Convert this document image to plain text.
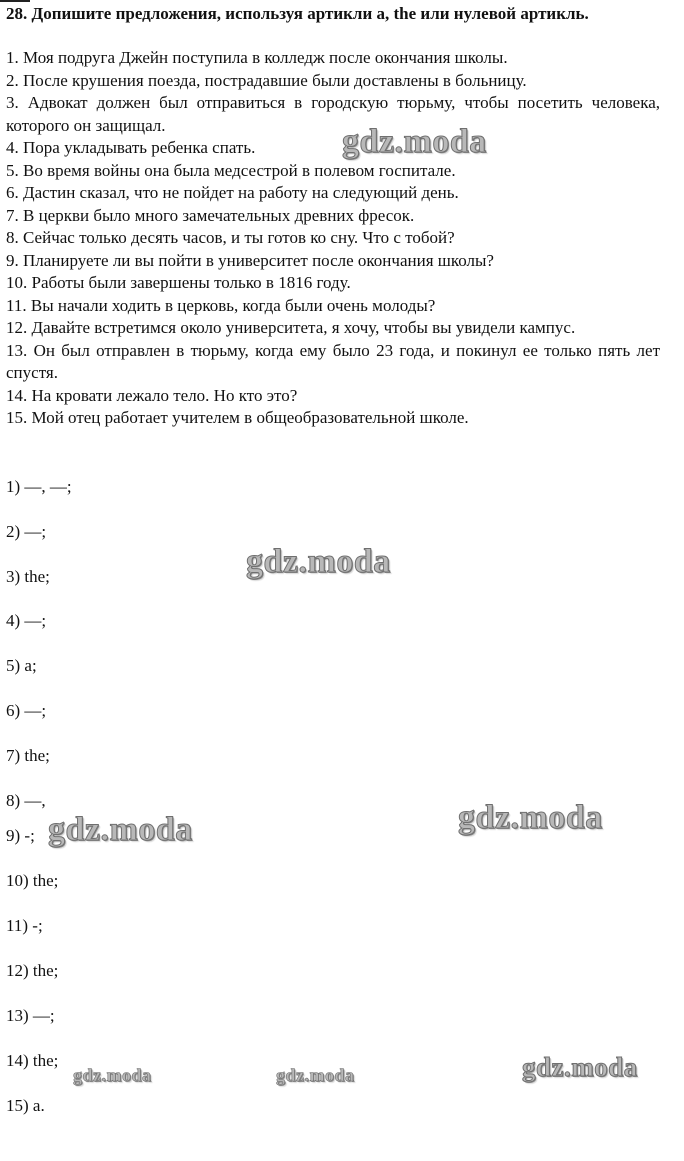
28. Допишите предложения, используя артикли a, the или нулевой артикль.

1. Моя подруга Джейн поступила в колледж после окончания школы.

2. После крушения поезда, пострадавшие были доставлены в больницу.

3. Адвокат должен был отправиться в городскую тюрьму, чтобы посетить человека, которого он защищал.

4. Пора укладывать ребенка спать.

5. Во время войны она была медсестрой в полевом госпитале.

6. Дастин сказал, что не пойдет на работу на следующий день.

7. В церкви было много замечательных древних фресок.

8. Сейчас только десять часов, и ты готов ко сну. Что с тобой?

9. Планируете ли вы пойти в университет после окончания школы?

10. Работы были завершены только в 1816 году.

11. Вы начали ходить в церковь, когда были очень молоды?

12. Давайте встретимся около университета, я хочу, чтобы вы увидели кампус.

13. Он был отправлен в тюрьму, когда ему было 23 года, и покинул ее только пять лет спустя.

14. На кровати лежало тело. Но кто это?

15. Мой отец работает учителем в общеобразовательной школе.

1) —, —;
2) —;
3) the;
4) —;
5) a;
6) —;
7) the;
8) —,
9) -;
10) the;
11) -;
12) the;
13) —;
14) the;
15) a.
gdz.moda
gdz.moda
gdz.moda
gdz.moda
gdz.moda
gdz.moda	gdz.moda
